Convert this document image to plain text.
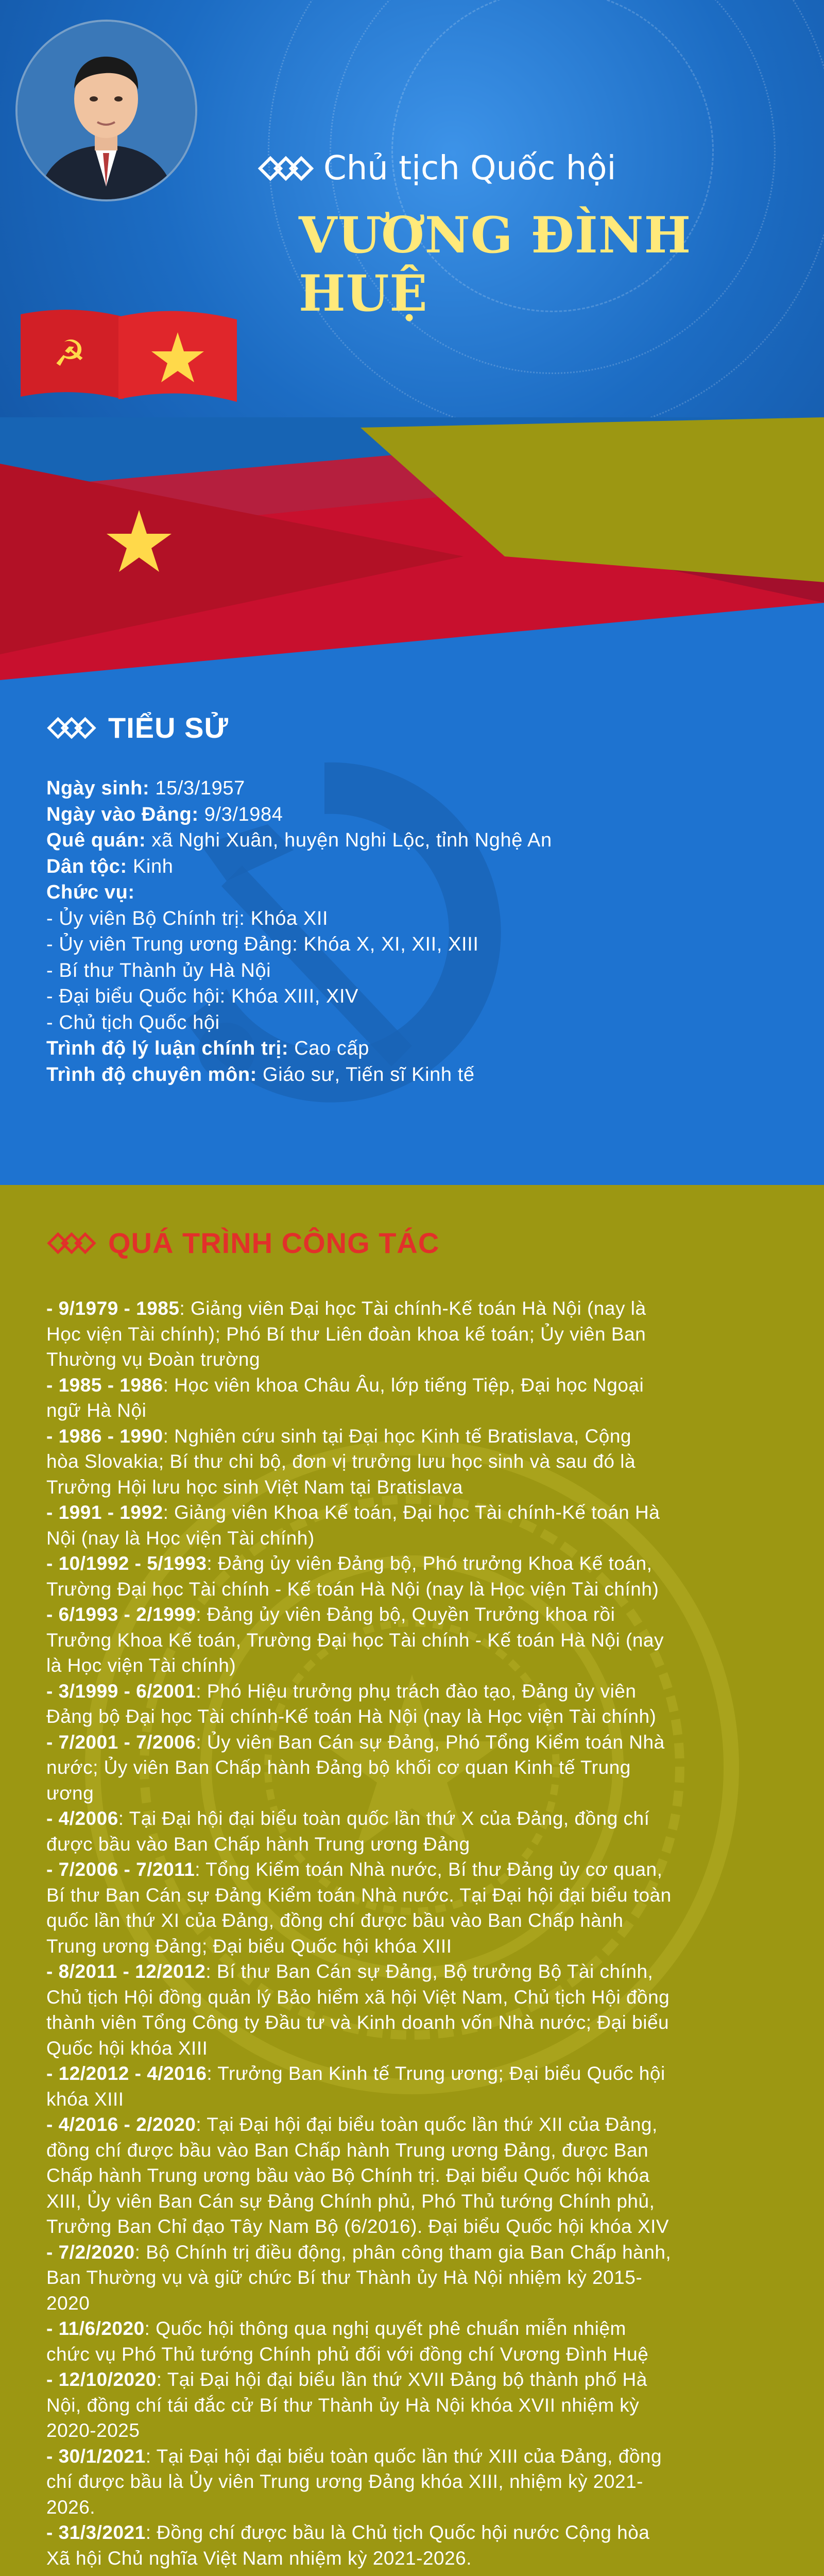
☭
Chủ tịch Quốc hội
VƯƠNG ĐÌNH HUỆ
TIỂU SỬ
Ngày sinh: 15/3/1957
Ngày vào Đảng: 9/3/1984
Quê quán: xã Nghi Xuân, huyện Nghi Lộc, tỉnh Nghệ An
Dân tộc: Kinh
Chức vụ:
- Ủy viên Bộ Chính trị: Khóa XII
- Ủy viên Trung ương Đảng: Khóa X, XI, XII, XIII
- Bí thư Thành ủy Hà Nội
- Đại biểu Quốc hội: Khóa XIII, XIV
- Chủ tịch Quốc hội
Trình độ lý luận chính trị: Cao cấp
Trình độ chuyên môn: Giáo sư, Tiến sĩ Kinh tế
QUÁ TRÌNH CÔNG TÁC
- 9/1979 - 1985: Giảng viên Đại học Tài chính-Kế toán Hà Nội (nay là
Học viện Tài chính); Phó Bí thư Liên đoàn khoa kế toán; Ủy viên Ban
Thường vụ Đoàn trường
- 1985 - 1986: Học viên khoa Châu Âu, lớp tiếng Tiệp, Đại học Ngoại
ngữ Hà Nội
- 1986 - 1990: Nghiên cứu sinh tại Đại học Kinh tế Bratislava, Cộng
hòa Slovakia; Bí thư chi bộ, đơn vị trưởng lưu học sinh và sau đó là
Trưởng Hội lưu học sinh Việt Nam tại Bratislava
- 1991 - 1992: Giảng viên Khoa Kế toán, Đại học Tài chính-Kế toán Hà
Nội (nay là Học viện Tài chính)
- 10/1992 - 5/1993: Đảng ủy viên Đảng bộ, Phó trưởng Khoa Kế toán,
Trường Đại học Tài chính - Kế toán Hà Nội (nay là Học viện Tài chính)
- 6/1993 - 2/1999: Đảng ủy viên Đảng bộ, Quyền Trưởng khoa rồi
Trưởng Khoa Kế toán, Trường Đại học Tài chính - Kế toán Hà Nội (nay
là Học viện Tài chính)
- 3/1999 - 6/2001: Phó Hiệu trưởng phụ trách đào tạo, Đảng ủy viên
Đảng bộ Đại học Tài chính-Kế toán Hà Nội (nay là Học viện Tài chính)
- 7/2001 - 7/2006: Ủy viên Ban Cán sự Đảng, Phó Tổng Kiểm toán Nhà
nước; Ủy viên Ban Chấp hành Đảng bộ khối cơ quan Kinh tế Trung
ương
- 4/2006: Tại Đại hội đại biểu toàn quốc lần thứ X của Đảng, đồng chí
được bầu vào Ban Chấp hành Trung ương Đảng
- 7/2006 - 7/2011: Tổng Kiểm toán Nhà nước, Bí thư Đảng ủy cơ quan,
Bí thư Ban Cán sự Đảng Kiểm toán Nhà nước. Tại Đại hội đại biểu toàn
quốc lần thứ XI của Đảng, đồng chí được bầu vào Ban Chấp hành
Trung ương Đảng; Đại biểu Quốc hội khóa XIII
- 8/2011 - 12/2012: Bí thư Ban Cán sự Đảng, Bộ trưởng Bộ Tài chính,
Chủ tịch Hội đồng quản lý Bảo hiểm xã hội Việt Nam, Chủ tịch Hội đồng
thành viên Tổng Công ty Đầu tư và Kinh doanh vốn Nhà nước; Đại biểu
Quốc hội khóa XIII
- 12/2012 - 4/2016: Trưởng Ban Kinh tế Trung ương; Đại biểu Quốc hội
khóa XIII
- 4/2016 - 2/2020: Tại Đại hội đại biểu toàn quốc lần thứ XII của Đảng,
đồng chí được bầu vào Ban Chấp hành Trung ương Đảng, được Ban
Chấp hành Trung ương bầu vào Bộ Chính trị. Đại biểu Quốc hội khóa
XIII, Ủy viên Ban Cán sự Đảng Chính phủ, Phó Thủ tướng Chính phủ,
Trưởng Ban Chỉ đạo Tây Nam Bộ (6/2016). Đại biểu Quốc hội khóa XIV
- 7/2/2020: Bộ Chính trị điều động, phân công tham gia Ban Chấp hành,
Ban Thường vụ và giữ chức Bí thư Thành ủy Hà Nội nhiệm kỳ 2015-
2020
- 11/6/2020: Quốc hội thông qua nghị quyết phê chuẩn miễn nhiệm
chức vụ Phó Thủ tướng Chính phủ đối với đồng chí Vương Đình Huệ
- 12/10/2020: Tại Đại hội đại biểu lần thứ XVII Đảng bộ thành phố Hà
Nội, đồng chí tái đắc cử Bí thư Thành ủy Hà Nội khóa XVII nhiệm kỳ
2020-2025
- 30/1/2021: Tại Đại hội đại biểu toàn quốc lần thứ XIII của Đảng, đồng
chí được bầu là Ủy viên Trung ương Đảng khóa XIII, nhiệm kỳ 2021-
2026.
- 31/3/2021: Đồng chí được bầu là Chủ tịch Quốc hội nước Cộng hòa
Xã hội Chủ nghĩa Việt Nam nhiệm kỳ 2021-2026.
